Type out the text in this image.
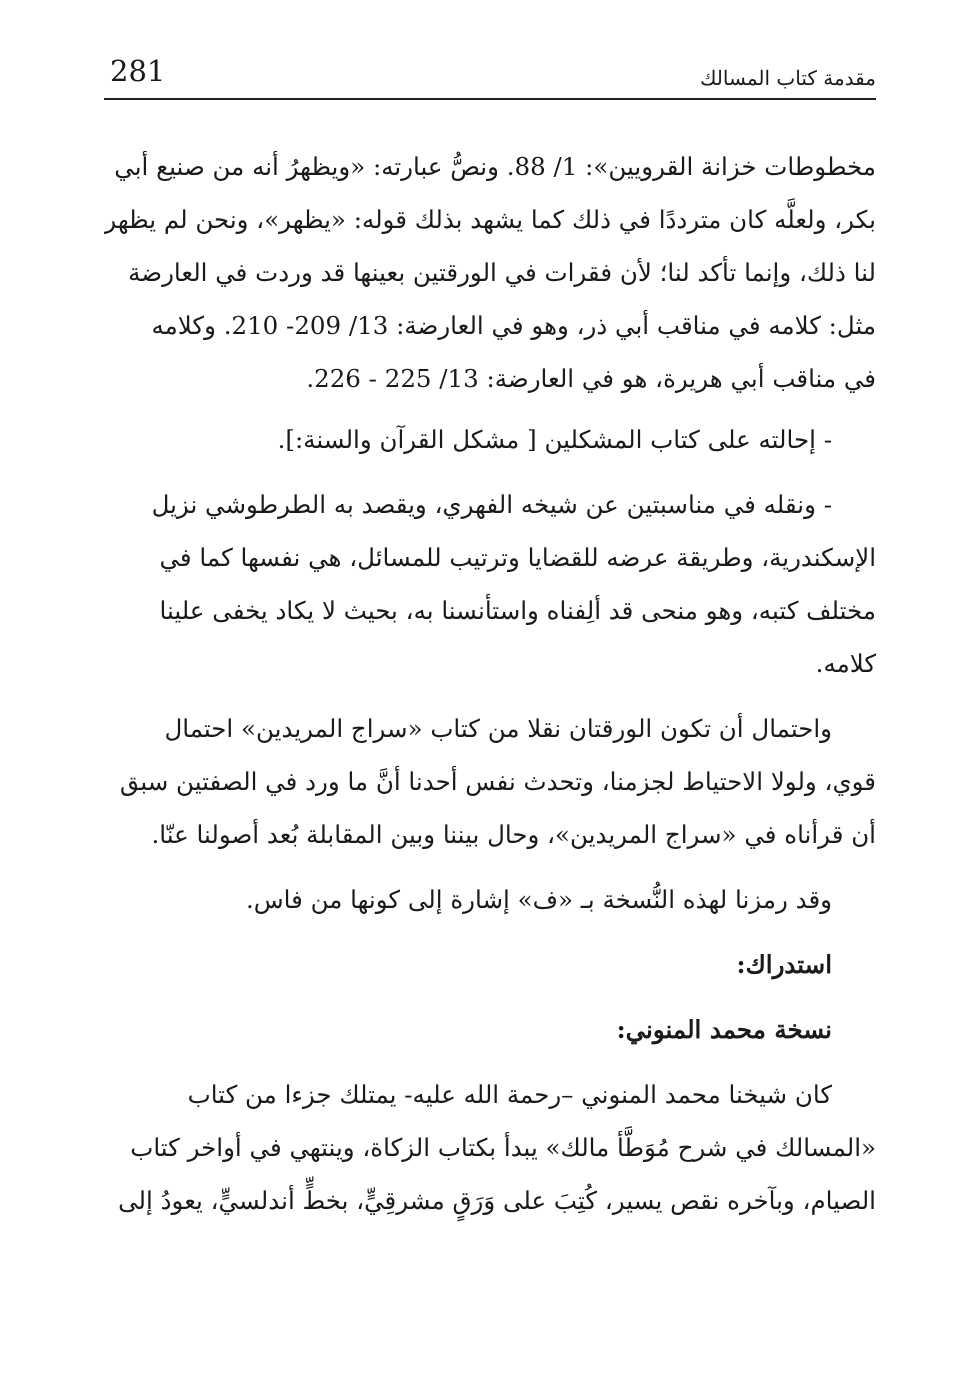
281	مقدمة كتاب المسالك
مخطوطات خزانة القرويين»: 1/ 88. ونصُّ عبارته: «ويظهرُ أنه من صنيع أبي
بكر، ولعلَّه كان مترددًا في ذلك كما يشهد بذلك قوله: «يظهر»، ونحن لم يظهر
لنا ذلك، وإنما تأكد لنا؛ لأن فقرات في الورقتين بعينها قد وردت في العارضة
مثل: كلامه في مناقب أبي ذر، وهو في العارضة: 13/ 209- 210. وكلامه
في مناقب أبي هريرة، هو في العارضة: 13/ 225 - 226.
- إحالته على كتاب المشكلين [ مشكل القرآن والسنة:].
- ونقله في مناسبتين عن شيخه الفهري، ويقصد به الطرطوشي نزيل
الإسكندرية، وطريقة عرضه للقضايا وترتيب للمسائل، هي نفسها كما في
مختلف كتبه، وهو منحى قد ألِفناه واستأنسنا به، بحيث لا يكاد يخفى علينا
كلامه.
واحتمال أن تكون الورقتان نقلا من كتاب «سراج المريدين» احتمال
قوي، ولولا الاحتياط لجزمنا، وتحدث نفس أحدنا أنَّ ما ورد في الصفتين سبق
أن قرأناه في «سراج المريدين»، وحال بيننا وبين المقابلة بُعد أصولنا عنّا.
وقد رمزنا لهذه النُّسخة بـ «ف» إشارة إلى كونها من فاس.
استدراك:
نسخة محمد المنوني:
كان شيخنا محمد المنوني –رحمة الله عليه- يمتلك جزءا من كتاب
«المسالك في شرح مُوَطَّأ مالك» يبدأ بكتاب الزكاة، وينتهي في أواخر كتاب
الصيام، وبآخره نقص يسير، كُتِبَ على وَرَقٍ مشرقِيٍّ، بخطٍّ أندلسيٍّ، يعودُ إلى
